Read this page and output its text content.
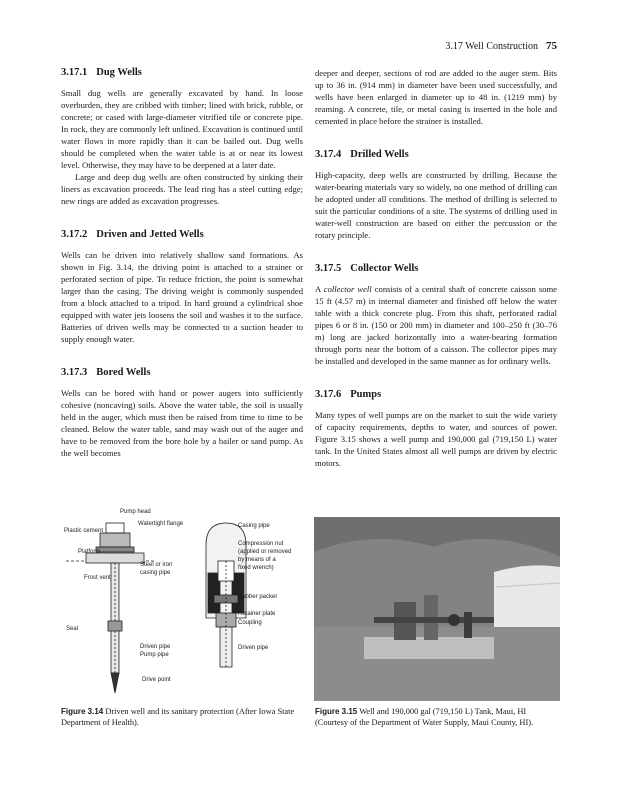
3.17 Well Construction 75
3.17.1 Dug Wells

Small dug wells are generally excavated by hand. In loose overburden, they are cribbed with timber; lined with brick, rubble, or concrete; or cased with large-diameter vitrified tile or concrete pipe. In rock, they are commonly left unlined. Excavation is continued until water flows in more rapidly than it can be bailed out. Dug wells should be completed when the water table is at or near its lowest level. Otherwise, they may have to be deepened at a later date.

Large and deep dug wells are often constructed by sinking their liners as excavation proceeds. The lead ring has a steel cutting edge; new rings are added as excavation progresses.

3.17.2 Driven and Jetted Wells

Wells can be driven into relatively shallow sand formations. As shown in Fig. 3.14, the driving point is attached to a strainer or perforated section of pipe. To reduce friction, the point is somewhat larger than the casing. The driving weight is commonly suspended from a block attached to a tripod. In hard ground a cylindrical shoe equipped with water jets loosens the soil and washes it to the surface. Batteries of driven wells may be connected to a suction header to supply enough water.

3.17.3 Bored Wells

Wells can be bored with hand or power augers into sufficiently cohesive (noncaving) soils. Above the water table, the soil is usually held in the auger, which must then be raised from time to time to be cleaned. Below the water table, sand may wash out of the auger and have to be removed from the bore hole by a bailer or sand pump. As the well becomes

deeper and deeper, sections of rod are added to the auger stem. Bits up to 36 in. (914 mm) in diameter have been used successfully, and wells have been enlarged in diameter up to 48 in. (1219 mm) by reaming. A concrete, tile, or metal casing is inserted in the hole and cemented in place before the strainer is installed.

3.17.4 Drilled Wells

High-capacity, deep wells are constructed by drilling. Because the water-bearing materials vary so widely, no one method of drilling can be adopted under all conditions. The method of drilling is selected to suit the particular conditions of a site. The systems of drilling used in water-well construction are based on either the percussion or the rotary principle.

3.17.5 Collector Wells

A collector well consists of a central shaft of concrete caisson some 15 ft (4.57 m) in internal diameter and finished off below the water table with a thick concrete plug. From this shaft, perforated radial pipes 6 or 8 in. (150 or 200 mm) in diameter and 100–250 ft (30–76 m) long are jacked horizontally into a water-bearing formation through ports near the bottom of a caisson. The collector pipes may be installed and developed in the same manner as for ordinary wells.

3.17.6 Pumps

Many types of well pumps are on the market to suit the wide variety of capacity requirements, depths to water, and sources of power. Figure 3.15 shows a well pump and 190,000 gal (719,150 L) water tank. In the United States almost all well pumps are driven by electric motors.

Pump head
Watertight flange
Plastic cement
Platform
Steel or iron
casing pipe
Frost vent
Seal
Driven pipe
Pump pipe
Drive point
Casing pipe
Compression nut
(applied or removed
by means of a
fixed wrench)
Rubber packer
Retainer plate
Coupling
Driven pipe
Figure 3.14 Driven well and its sanitary protection (After Iowa State Department of Health).
Figure 3.15 Well and 190,000 gal (719,150 L) Tank, Maui, HI (Courtesy of the Department of Water Supply, Maui County, HI).
